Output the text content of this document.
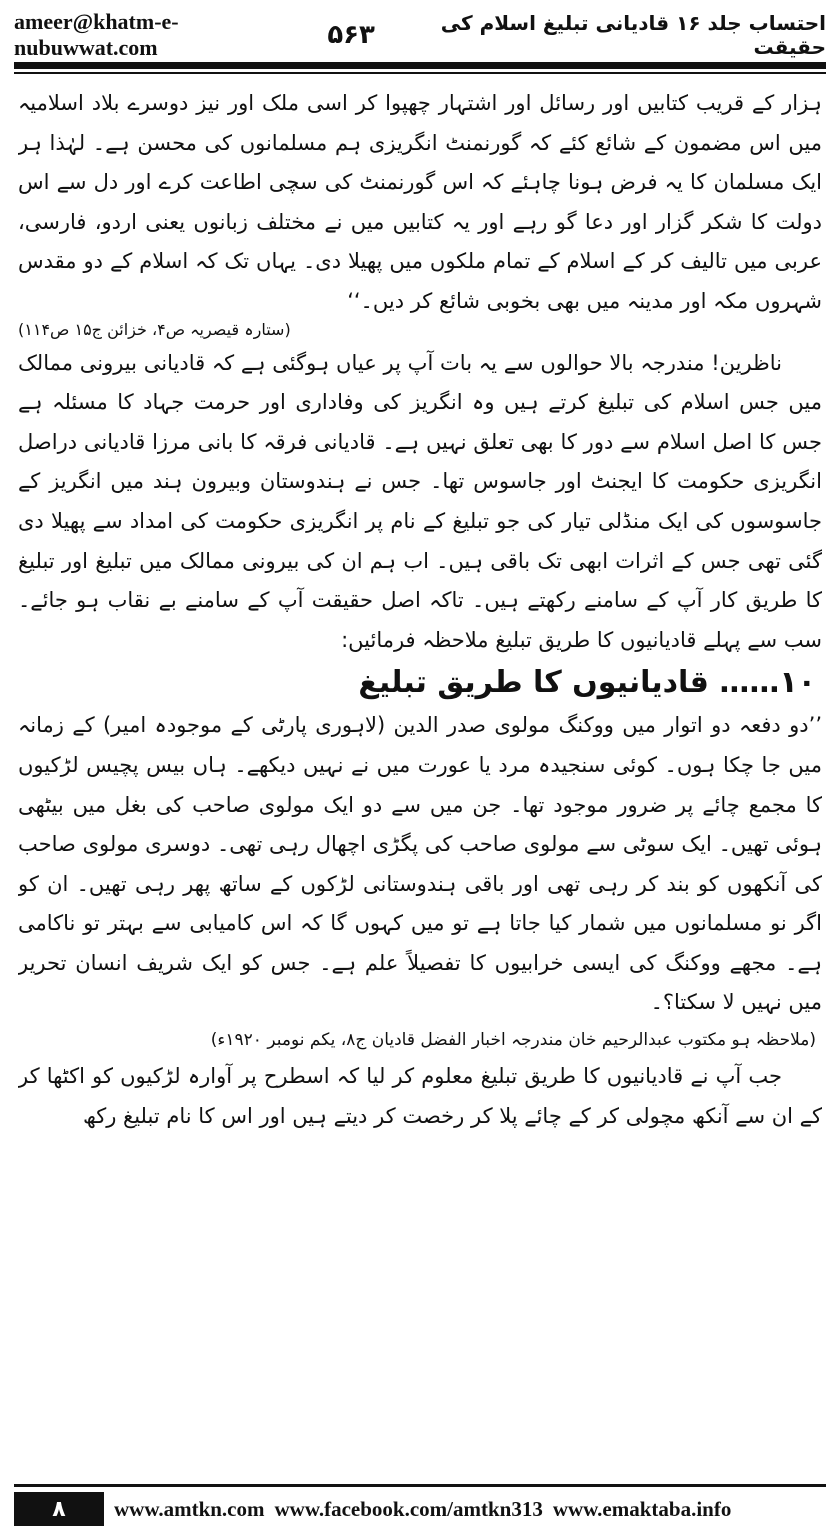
ameer@khatm-e-nubuwwat.com	۵۶۳	احتساب جلد ۱۶ قادیانی تبلیغ اسلام کی حقیقت

ہزار کے قریب کتابیں اور رسائل اور اشتہار چھپوا کر اسی ملک اور نیز دوسرے بلاد اسلامیہ میں اس مضمون کے شائع کئے کہ گورنمنٹ انگریزی ہم مسلمانوں کی محسن ہے۔ لہٰذا ہر ایک مسلمان کا یہ فرض ہونا چاہئے کہ اس گورنمنٹ کی سچی اطاعت کرے اور دل سے اس دولت کا شکر گزار اور دعا گو رہے اور یہ کتابیں میں نے مختلف زبانوں یعنی اردو، فارسی، عربی میں تالیف کر کے اسلام کے تمام ملکوں میں پھیلا دی۔ یہاں تک کہ اسلام کے دو مقدس شہروں مکہ اور مدینہ میں بھی بخوبی شائع کر دیں۔‘‘

(ستارہ قیصریہ ص۴، خزائن ج۱۵ ص۱۱۴)

ناظرین! مندرجہ بالا حوالوں سے یہ بات آپ پر عیاں ہوگئی ہے کہ قادیانی بیرونی ممالک میں جس اسلام کی تبلیغ کرتے ہیں وہ انگریز کی وفاداری اور حرمت جہاد کا مسئلہ ہے جس کا اصل اسلام سے دور کا بھی تعلق نہیں ہے۔ قادیانی فرقہ کا بانی مرزا قادیانی دراصل انگریزی حکومت کا ایجنٹ اور جاسوس تھا۔ جس نے ہندوستان وبیرون ہند میں انگریز کے جاسوسوں کی ایک منڈلی تیار کی جو تبلیغ کے نام پر انگریزی حکومت کی امداد سے پھیلا دی گئی تھی جس کے اثرات ابھی تک باقی ہیں۔ اب ہم ان کی بیرونی ممالک میں تبلیغ اور تبلیغ کا طریق کار آپ کے سامنے رکھتے ہیں۔ تاکہ اصل حقیقت آپ کے سامنے بے نقاب ہو جائے۔ سب سے پہلے قادیانیوں کا طریق تبلیغ ملاحظہ فرمائیں:

۱۰…… قادیانیوں کا طریق تبلیغ

’’دو دفعہ دو اتوار میں ووکنگ مولوی صدر الدین (لاہوری پارٹی کے موجودہ امیر) کے زمانہ میں جا چکا ہوں۔ کوئی سنجیدہ مرد یا عورت میں نے نہیں دیکھے۔ ہاں بیس پچیس لڑکیوں کا مجمع چائے پر ضرور موجود تھا۔ جن میں سے دو ایک مولوی صاحب کی بغل میں بیٹھی ہوئی تھیں۔ ایک سوٹی سے مولوی صاحب کی پگڑی اچھال رہی تھی۔ دوسری مولوی صاحب کی آنکھوں کو بند کر رہی تھی اور باقی ہندوستانی لڑکوں کے ساتھ پھر رہی تھیں۔ ان کو اگر نو مسلمانوں میں شمار کیا جاتا ہے تو میں کہوں گا کہ اس کامیابی سے بہتر تو ناکامی ہے۔ مجھے ووکنگ کی ایسی خرابیوں کا تفصیلاً علم ہے۔ جس کو ایک شریف انسان تحریر میں نہیں لا سکتا؟۔

(ملاحظہ ہو مکتوب عبدالرحیم خان مندرجہ اخبار الفضل قادیان ج۸، یکم نومبر ۱۹۲۰ء)

جب آپ نے قادیانیوں کا طریق تبلیغ معلوم کر لیا کہ اسطرح پر آوارہ لڑکیوں کو اکٹھا کر کے ان سے آنکھ مچولی کر کے چائے پلا کر رخصت کر دیتے ہیں اور اس کا نام تبلیغ رکھ

۸ www.amtkn.com www.facebook.com/amtkn313 www.emaktaba.info
